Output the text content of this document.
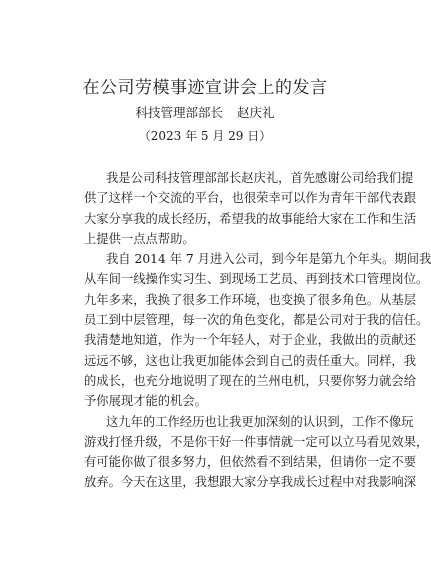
在公司劳模事迹宣讲会上的发言
科技管理部部长 赵庆礼
（2023 年 5 月 29 日）
我是公司科技管理部部长赵庆礼，首先感谢公司给我们提
供了这样一个交流的平台，也很荣幸可以作为青年干部代表跟
大家分享我的成长经历，希望我的故事能给大家在工作和生活
上提供一点点帮助。
我自 2014 年 7 月进入公司，到今年是第九个年头。期间我
从车间一线操作实习生、到现场工艺员、再到技术口管理岗位。
九年多来，我换了很多工作环境，也变换了很多角色。从基层
员工到中层管理，每一次的角色变化，都是公司对于我的信任。
我清楚地知道，作为一个年轻人，对于企业，我做出的贡献还
远远不够，这也让我更加能体会到自己的责任重大。同样，我
的成长，也充分地说明了现在的兰州电机，只要你努力就会给
予你展现才能的机会。
这九年的工作经历也让我更加深刻的认识到，工作不像玩
游戏打怪升级，不是你干好一件事情就一定可以立马看见效果，
有可能你做了很多努力，但依然看不到结果，但请你一定不要
放弃。今天在这里，我想跟大家分享我成长过程中对我影响深
